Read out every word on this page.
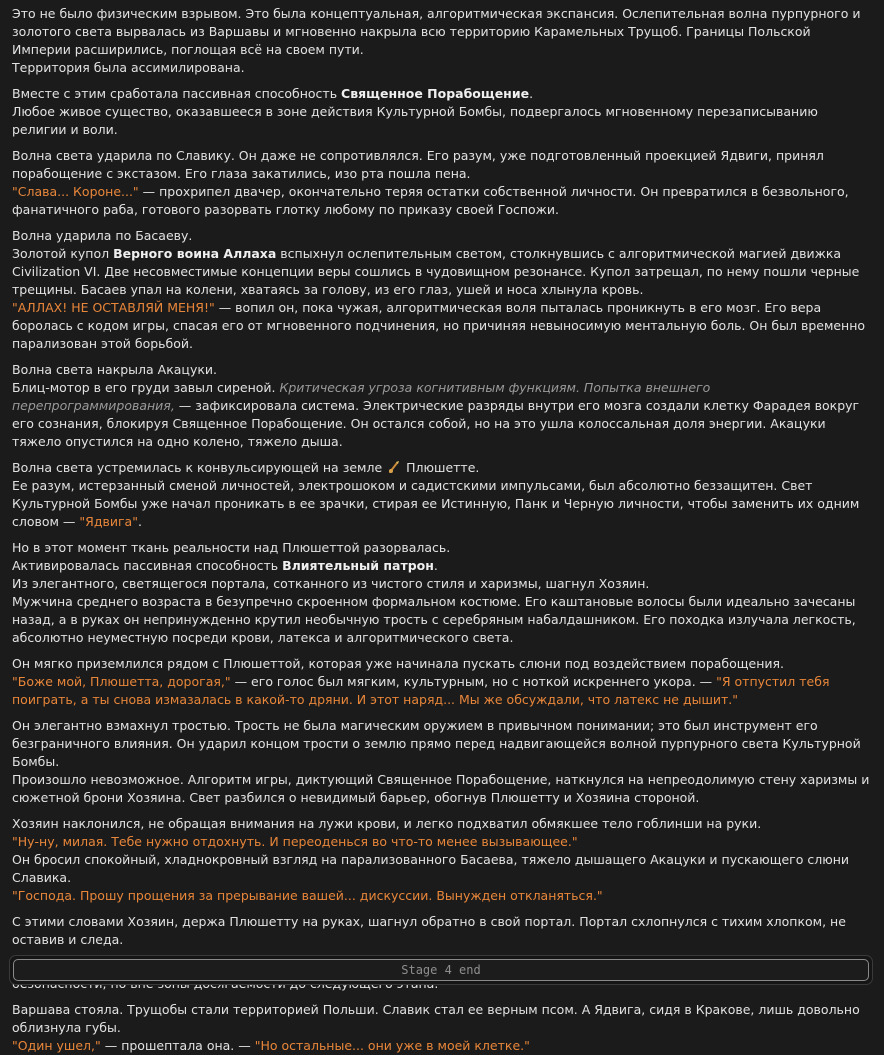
Это не было физическим взрывом. Это была концептуальная, алгоритмическая экспансия. Ослепительная волна пурпурного и золотого света вырвалась из Варшавы и мгновенно накрыла всю территорию Карамельных Трущоб. Границы Польской Империи расширились, поглощая всё на своем пути.
Территория была ассимилирована.

Вместе с этим сработала пассивная способность Священное Порабощение.
Любое живое существо, оказавшееся в зоне действия Культурной Бомбы, подвергалось мгновенному перезаписыванию религии и воли.

Волна света ударила по Славику. Он даже не сопротивлялся. Его разум, уже подготовленный проекцией Ядвиги, принял порабощение с экстазом. Его глаза закатились, изо рта пошла пена.
"Слава... Короне..." — прохрипел двачер, окончательно теряя остатки собственной личности. Он превратился в безвольного, фанатичного раба, готового разорвать глотку любому по приказу своей Госпожи.

Волна ударила по Басаеву.
Золотой купол Верного воина Аллаха вспыхнул ослепительным светом, столкнувшись с алгоритмической магией движка Civilization VI. Две несовместимые концепции веры сошлись в чудовищном резонансе. Купол затрещал, по нему пошли черные трещины. Басаев упал на колени, хватаясь за голову, из его глаз, ушей и носа хлынула кровь.
"АЛЛАХ! НЕ ОСТАВЛЯЙ МЕНЯ!" — вопил он, пока чужая, алгоритмическая воля пыталась проникнуть в его мозг. Его вера боролась с кодом игры, спасая его от мгновенного подчинения, но причиняя невыносимую ментальную боль. Он был временно парализован этой борьбой.

Волна света накрыла Акацуки.
Блиц-мотор в его груди завыл сиреной. Критическая угроза когнитивным функциям. Попытка внешнего перепрограммирования, — зафиксировала система. Электрические разряды внутри его мозга создали клетку Фарадея вокруг его сознания, блокируя Священное Порабощение. Он остался собой, но на это ушла колоссальная доля энергии. Акацуки тяжело опустился на одно колено, тяжело дыша.

Волна света устремилась к конвульсирующей на земле Плюшетте.
Ее разум, истерзанный сменой личностей, электрошоком и садистскими импульсами, был абсолютно беззащитен. Свет Культурной Бомбы уже начал проникать в ее зрачки, стирая ее Истинную, Панк и Черную личности, чтобы заменить их одним словом — "Ядвига".

Но в этот момент ткань реальности над Плюшеттой разорвалась.
Активировалась пассивная способность Влиятельный патрон.
Из элегантного, светящегося портала, сотканного из чистого стиля и харизмы, шагнул Хозяин.
Мужчина среднего возраста в безупречно скроенном формальном костюме. Его каштановые волосы были идеально зачесаны назад, а в руках он непринужденно крутил необычную трость с серебряным набалдашником. Его походка излучала легкость, абсолютно неуместную посреди крови, латекса и алгоритмического света.

Он мягко приземлился рядом с Плюшеттой, которая уже начинала пускать слюни под воздействием порабощения.
"Боже мой, Плюшетта, дорогая," — его голос был мягким, культурным, но с ноткой искреннего укора. — "Я отпустил тебя поиграть, а ты снова измазалась в какой-то дряни. И этот наряд... Мы же обсуждали, что латекс не дышит."

Он элегантно взмахнул тростью. Трость не была магическим оружием в привычном понимании; это был инструмент его безграничного влияния. Он ударил концом трости о землю прямо перед надвигающейся волной пурпурного света Культурной Бомбы.
Произошло невозможное. Алгоритм игры, диктующий Священное Порабощение, наткнулся на непреодолимую стену харизмы и сюжетной брони Хозяина. Свет разбился о невидимый барьер, обогнув Плюшетту и Хозяина стороной.

Хозяин наклонился, не обращая внимания на лужи крови, и легко подхватил обмякшее тело гоблинши на руки.
"Ну-ну, милая. Тебе нужно отдохнуть. И переоденься во что-то менее вызывающее."
Он бросил спокойный, хладнокровный взгляд на парализованного Басаева, тяжело дышащего Акацуки и пускающего слюни Славика.
"Господа. Прошу прощения за прерывание вашей... дискуссии. Вынужден откланяться."

С этими словами Хозяин, держа Плюшетту на руках, шагнул обратно в свой портал. Портал схлопнулся с тихим хлопком, не оставив и следа.

Варшава стояла. Трущобы стали территорией Польши. Славик стал ее верным псом. А Ядвига, сидя в Кракове, лишь довольно облизнула губы.
"Один ушел," — прошептала она. — "Но остальные... они уже в моей клетке."

Stage 4 end
